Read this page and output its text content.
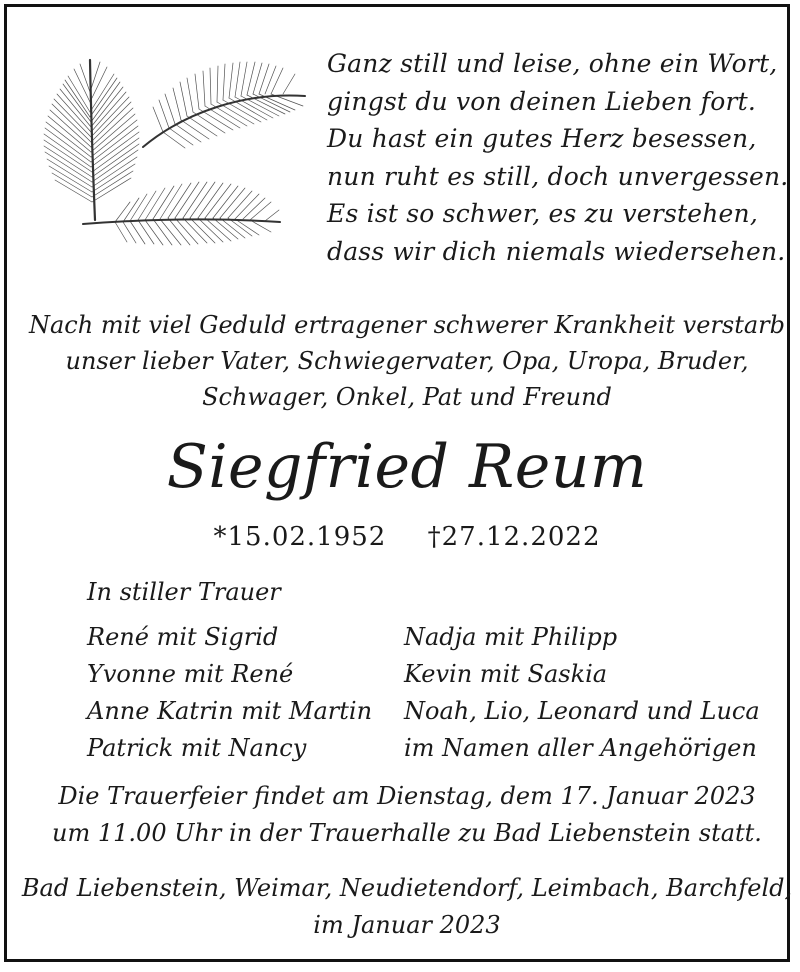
Ganz still und leise, ohne ein Wort,
gingst du von deinen Lieben fort.
Du hast ein gutes Herz besessen,
nun ruht es still, doch unvergessen.
Es ist so schwer, es zu verstehen,
dass wir dich niemals wiedersehen.
Nach mit viel Geduld ertragener schwerer Krankheit verstarb
unser lieber Vater, Schwiegervater, Opa, Uropa, Bruder,
Schwager, Onkel, Pat und Freund
Siegfried Reum
*15.02.1952 †27.12.2022
In stiller Trauer
René mit Sigrid
Yvonne mit René
Anne Katrin mit Martin
Patrick mit Nancy
Nadja mit Philipp
Kevin mit Saskia
Noah, Lio, Leonard und Luca
im Namen aller Angehörigen
Die Trauerfeier findet am Dienstag, dem 17. Januar 2023
um 11.00 Uhr in der Trauerhalle zu Bad Liebenstein statt.
Bad Liebenstein, Weimar, Neudietendorf, Leimbach, Barchfeld,
im Januar 2023
